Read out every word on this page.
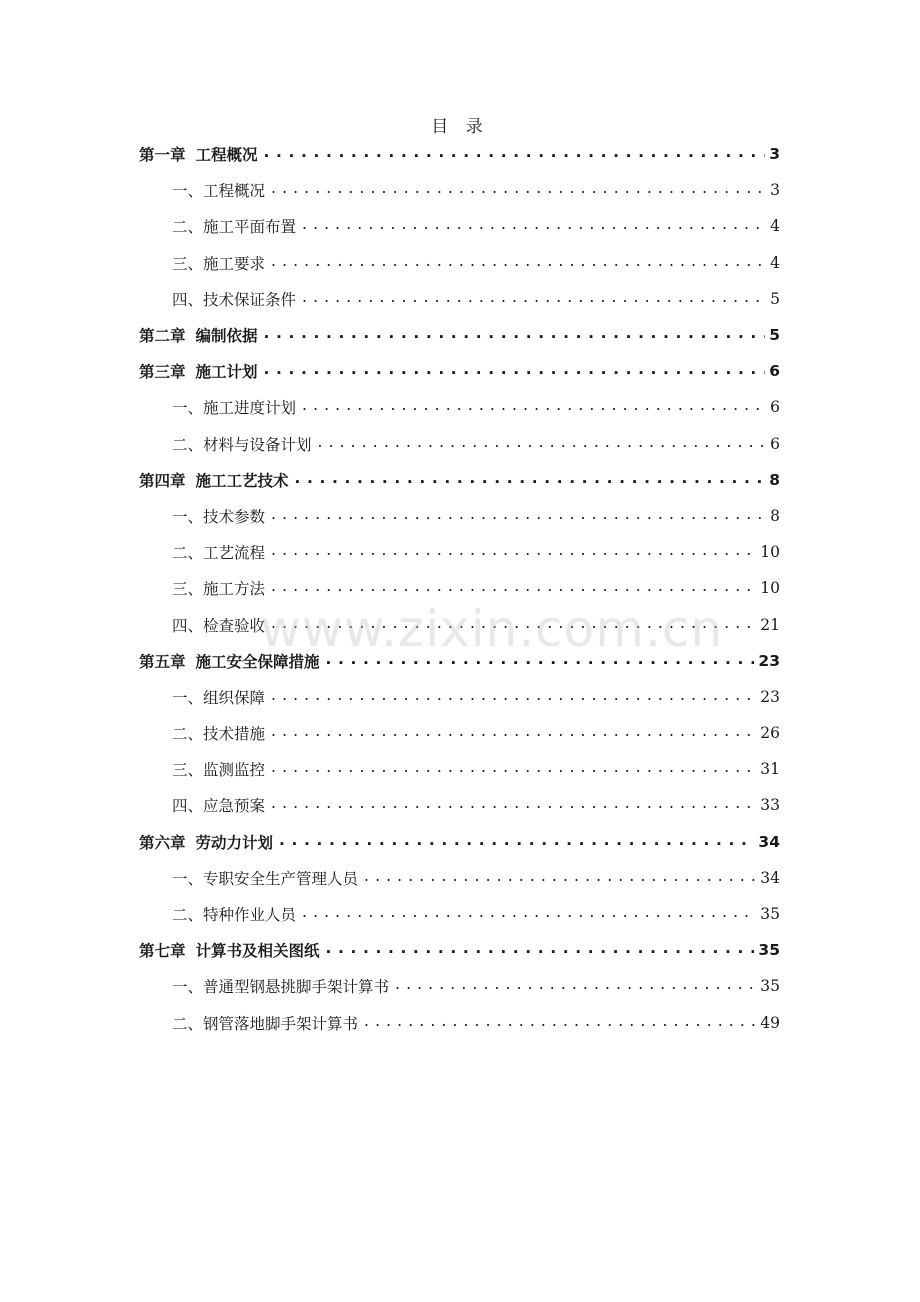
目 录
第一章 工程概况 . . .	3
一、工程概况 . . .	3
二、施工平面布置 . . .	4
三、施工要求 . . .	4
四、技术保证条件 . . .	5
第二章 编制依据 . . .	5
第三章 施工计划 . . .	6
一、施工进度计划 . . .	6
二、材料与设备计划 . . .	6
第四章 施工工艺技术 . . .	8
一、技术参数 . . .	8
二、工艺流程 . . .	10
三、施工方法 . . .	10
四、检查验收 . . .	21
第五章 施工安全保障措施 . . .	23
一、组织保障 . . .	23
二、技术措施 . . .	26
三、监测监控 . . .	31
四、应急预案 . . .	33
第六章 劳动力计划 . . .	34
一、专职安全生产管理人员 . . .	34
二、特种作业人员 . . .	35
第七章 计算书及相关图纸 . . .	35
一、普通型钢悬挑脚手架计算书 . . .	35
二、钢管落地脚手架计算书 . . .	49
www.zixin.com.cn
